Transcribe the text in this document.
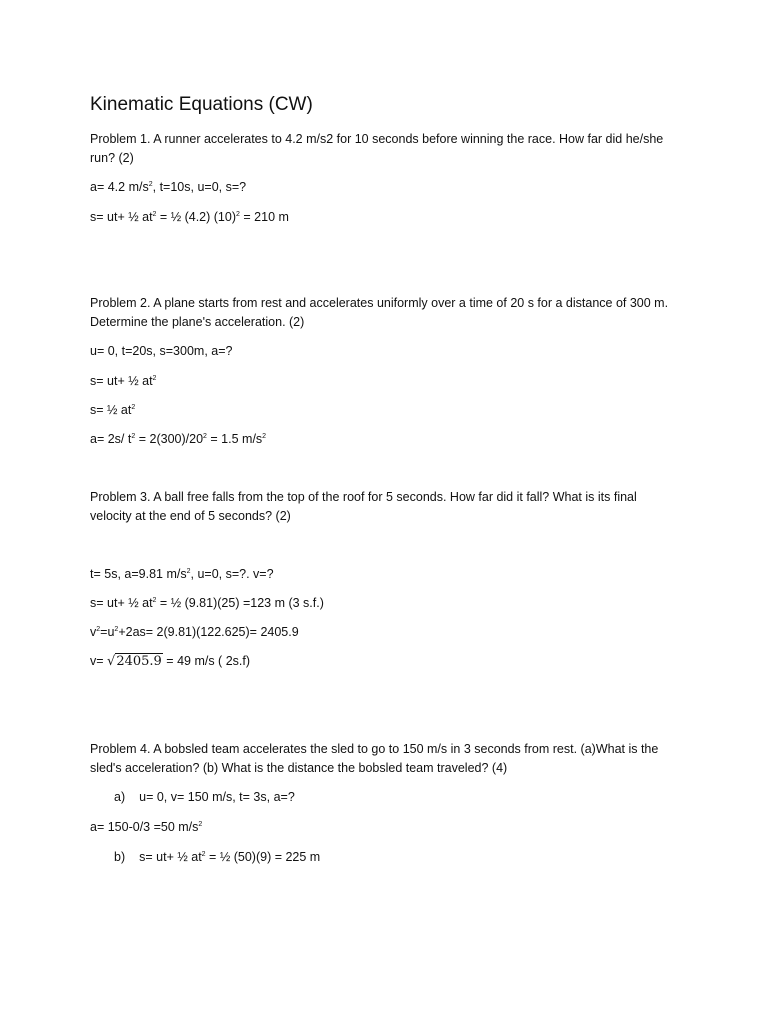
Kinematic Equations (CW)

Problem 1. A runner accelerates to 4.2 m/s2 for 10 seconds before winning the race. How far did he/she run? (2)

a= 4.2 $m/s^2$, t=10s, u=0, s=?

s= ut+ ½ $at^2$ = ½ (4.2) $(10)^2 = 210$ m

Problem 2. A plane starts from rest and accelerates uniformly over a time of 20 s for a distance of 300 m. Determine the plane's acceleration. (2)

u= 0, t=20s, s=300m, a=?

s= ut+ ½ $at^2$

s= ½ $at^2$

a= 2s/ $t^2 = 2(300)/20^2 = 1.5$ $m/s^2$

Problem 3. A ball free falls from the top of the roof for 5 seconds. How far did it fall? What is its final velocity at the end of 5 seconds? (2)

t= 5s, a=9.81 $m/s^2$, u=0, s=?. v=?

s= ut+ ½ $at^2$ = ½ (9.81)(25) =123 m (3 s.f.)

$v^2=u^2+2as= 2(9.81)(122.625)= 2405.9$

v= √2405.9 = 49 m/s ( 2s.f)

Problem 4. A bobsled team accelerates the sled to go to 150 m/s in 3 seconds from rest. (a)What is the sled's acceleration? (b) What is the distance the bobsled team traveled? (4)

a) u= 0, v= 150 m/s, t= 3s, a=?

a= 150-0/3 =50 $m/s^2$

b) s= ut+ ½ $at^2$ = ½ (50)(9) = 225 m
